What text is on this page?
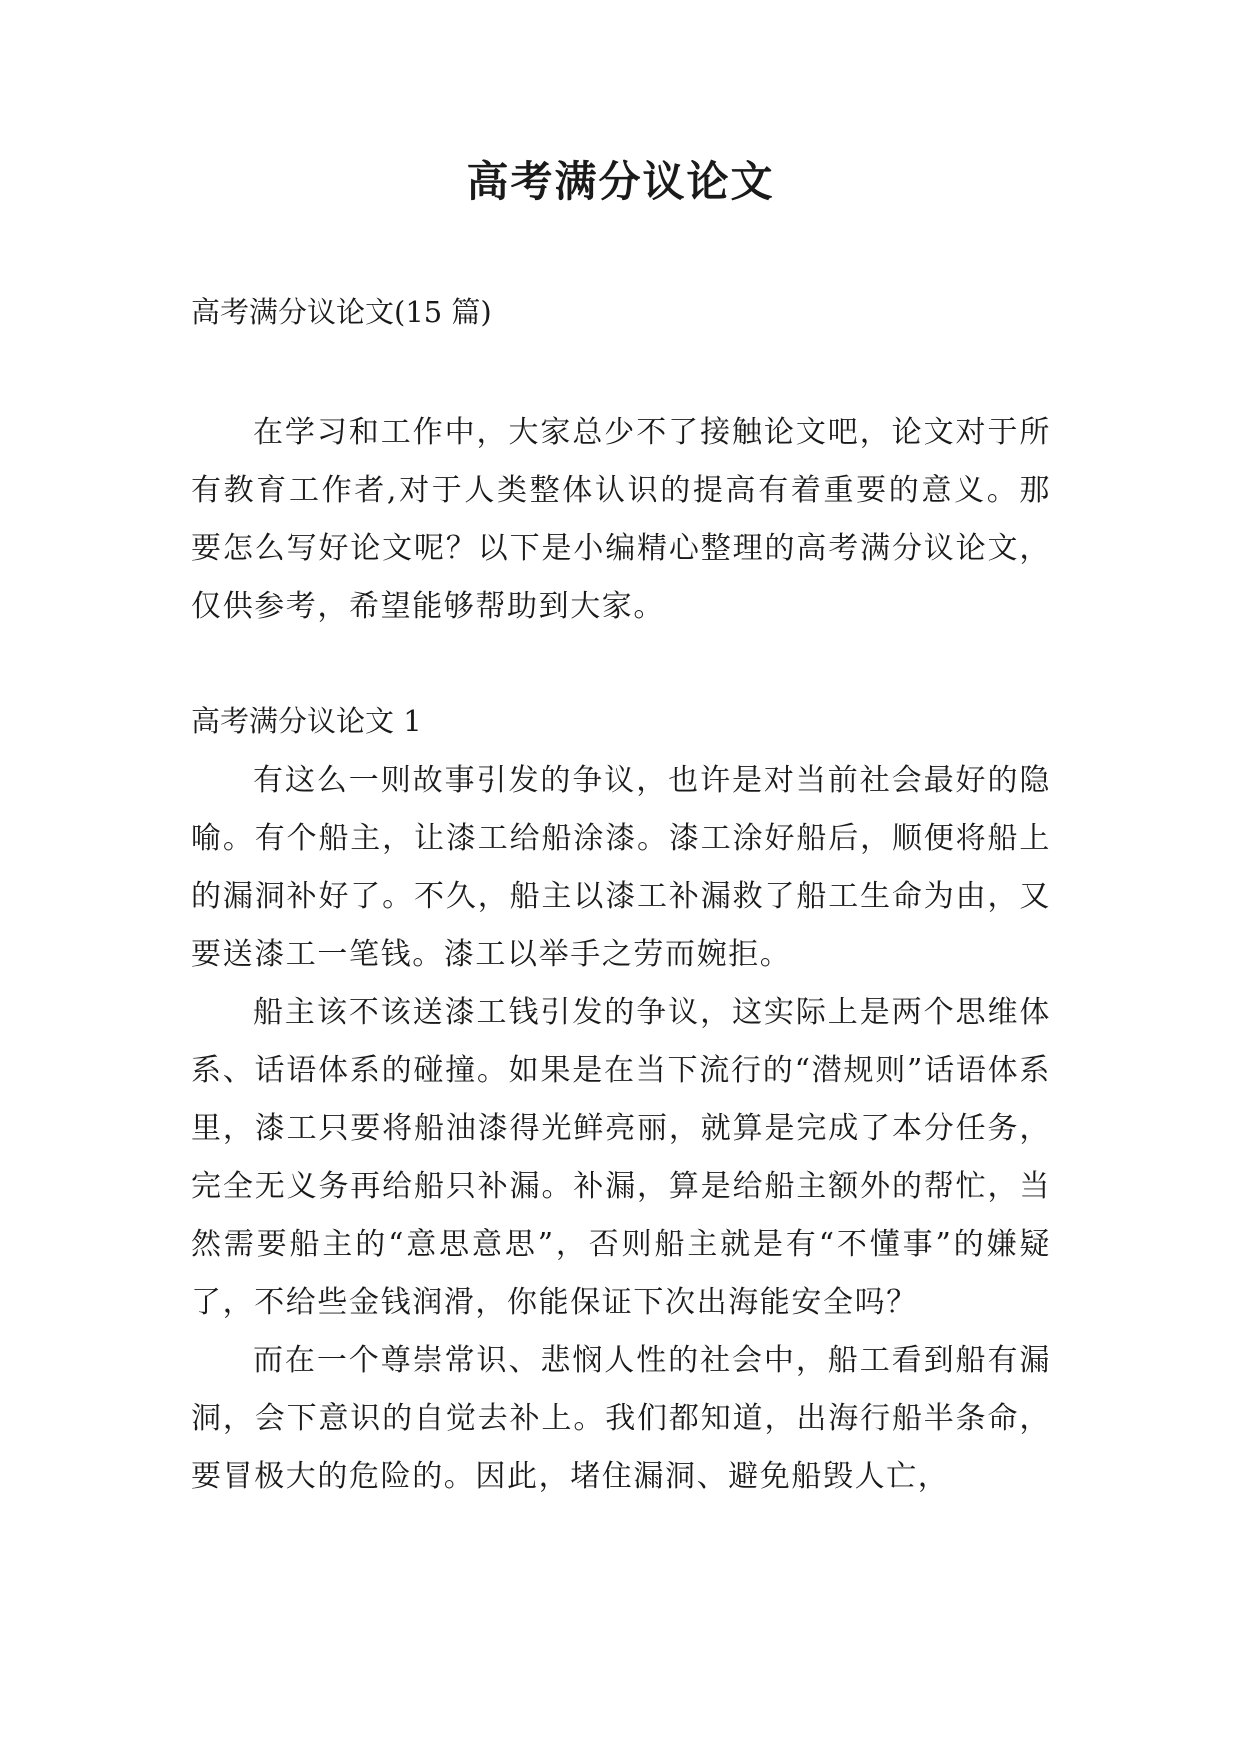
高考满分议论文

高考满分议论文(15 篇)

在学习和工作中，大家总少不了接触论文吧，论文对于所有教育工作者,对于人类整体认识的提高有着重要的意义。那要怎么写好论文呢？以下是小编精心整理的高考满分议论文，仅供参考，希望能够帮助到大家。

高考满分议论文 1

有这么一则故事引发的争议，也许是对当前社会最好的隐喻。有个船主，让漆工给船涂漆。漆工涂好船后，顺便将船上的漏洞补好了。不久，船主以漆工补漏救了船工生命为由，又要送漆工一笔钱。漆工以举手之劳而婉拒。

船主该不该送漆工钱引发的争议，这实际上是两个思维体系、话语体系的碰撞。如果是在当下流行的“潜规则”话语体系里，漆工只要将船油漆得光鲜亮丽，就算是完成了本分任务，完全无义务再给船只补漏。补漏，算是给船主额外的帮忙，当然需要船主的“意思意思”，否则船主就是有“不懂事”的嫌疑了，不给些金钱润滑，你能保证下次出海能安全吗？

而在一个尊崇常识、悲悯人性的社会中，船工看到船有漏洞，会下意识的自觉去补上。我们都知道，出海行船半条命，要冒极大的危险的。因此，堵住漏洞、避免船毁人亡，
